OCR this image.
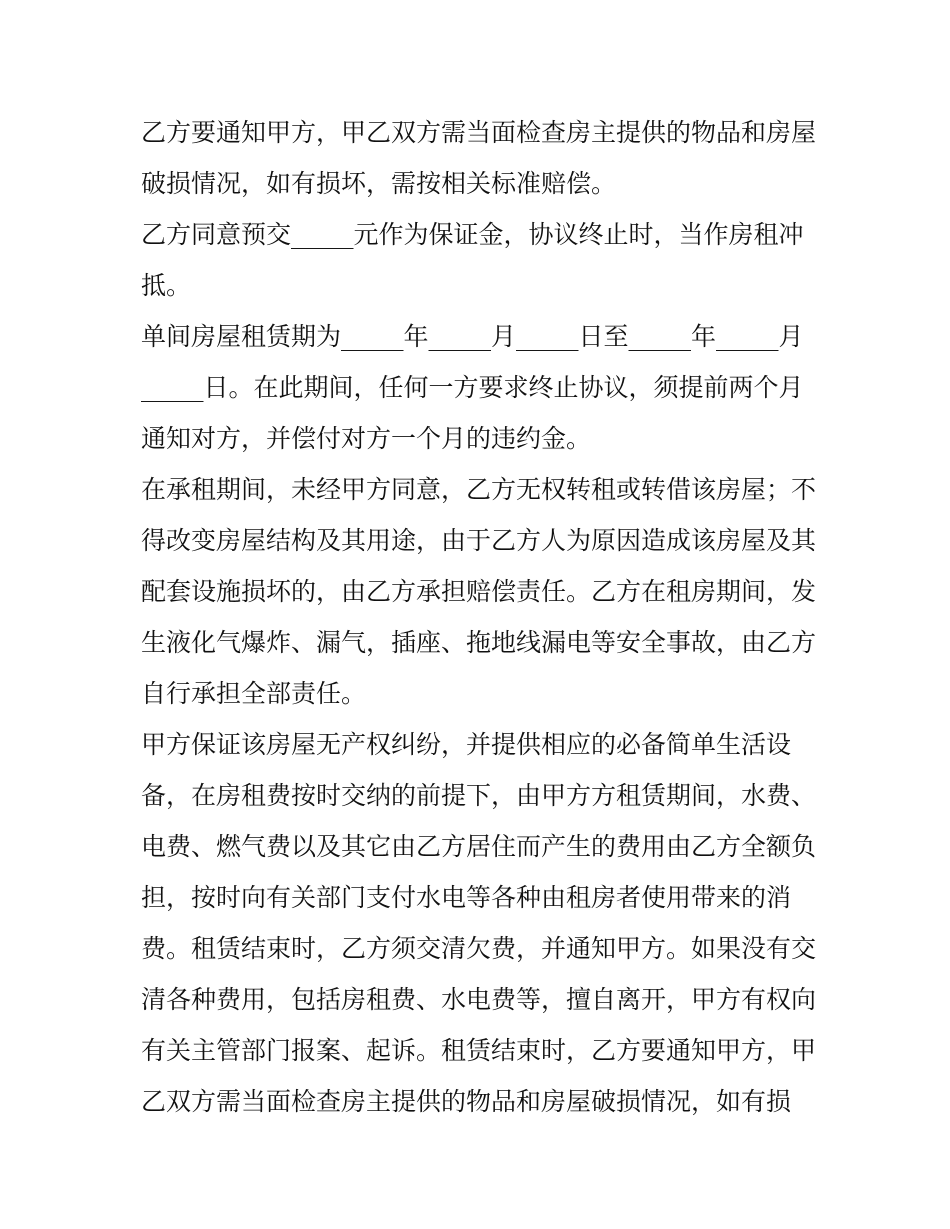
乙方要通知甲方，甲乙双方需当面检查房主提供的物品和房屋
破损情况，如有损坏，需按相关标准赔偿。
乙方同意预交_____元作为保证金，协议终止时，当作房租冲
抵。
单间房屋租赁期为_____年_____月_____日至_____年_____月
_____日。在此期间，任何一方要求终止协议，须提前两个月
通知对方，并偿付对方一个月的违约金。
在承租期间，未经甲方同意，乙方无权转租或转借该房屋；不
得改变房屋结构及其用途，由于乙方人为原因造成该房屋及其
配套设施损坏的，由乙方承担赔偿责任。乙方在租房期间，发
生液化气爆炸、漏气，插座、拖地线漏电等安全事故，由乙方
自行承担全部责任。
甲方保证该房屋无产权纠纷，并提供相应的必备简单生活设
备，在房租费按时交纳的前提下，由甲方方租赁期间，水费、
电费、燃气费以及其它由乙方居住而产生的费用由乙方全额负
担，按时向有关部门支付水电等各种由租房者使用带来的消
费。租赁结束时，乙方须交清欠费，并通知甲方。如果没有交
清各种费用，包括房租费、水电费等，擅自离开，甲方有权向
有关主管部门报案、起诉。租赁结束时，乙方要通知甲方，甲
乙双方需当面检查房主提供的物品和房屋破损情况，如有损
